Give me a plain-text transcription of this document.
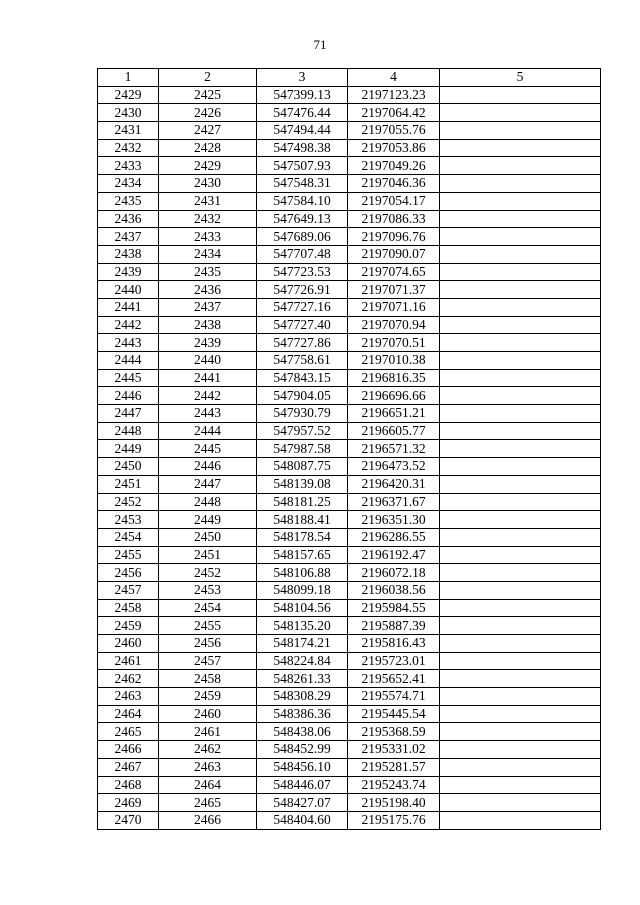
71
1	2	3	4	5
2429	2425	547399.13	2197123.23	
2430	2426	547476.44	2197064.42	
2431	2427	547494.44	2197055.76	
2432	2428	547498.38	2197053.86	
2433	2429	547507.93	2197049.26	
2434	2430	547548.31	2197046.36	
2435	2431	547584.10	2197054.17	
2436	2432	547649.13	2197086.33	
2437	2433	547689.06	2197096.76	
2438	2434	547707.48	2197090.07	
2439	2435	547723.53	2197074.65	
2440	2436	547726.91	2197071.37	
2441	2437	547727.16	2197071.16	
2442	2438	547727.40	2197070.94	
2443	2439	547727.86	2197070.51	
2444	2440	547758.61	2197010.38	
2445	2441	547843.15	2196816.35	
2446	2442	547904.05	2196696.66	
2447	2443	547930.79	2196651.21	
2448	2444	547957.52	2196605.77	
2449	2445	547987.58	2196571.32	
2450	2446	548087.75	2196473.52	
2451	2447	548139.08	2196420.31	
2452	2448	548181.25	2196371.67	
2453	2449	548188.41	2196351.30	
2454	2450	548178.54	2196286.55	
2455	2451	548157.65	2196192.47	
2456	2452	548106.88	2196072.18	
2457	2453	548099.18	2196038.56	
2458	2454	548104.56	2195984.55	
2459	2455	548135.20	2195887.39	
2460	2456	548174.21	2195816.43	
2461	2457	548224.84	2195723.01	
2462	2458	548261.33	2195652.41	
2463	2459	548308.29	2195574.71	
2464	2460	548386.36	2195445.54	
2465	2461	548438.06	2195368.59	
2466	2462	548452.99	2195331.02	
2467	2463	548456.10	2195281.57	
2468	2464	548446.07	2195243.74	
2469	2465	548427.07	2195198.40	
2470	2466	548404.60	2195175.76	
